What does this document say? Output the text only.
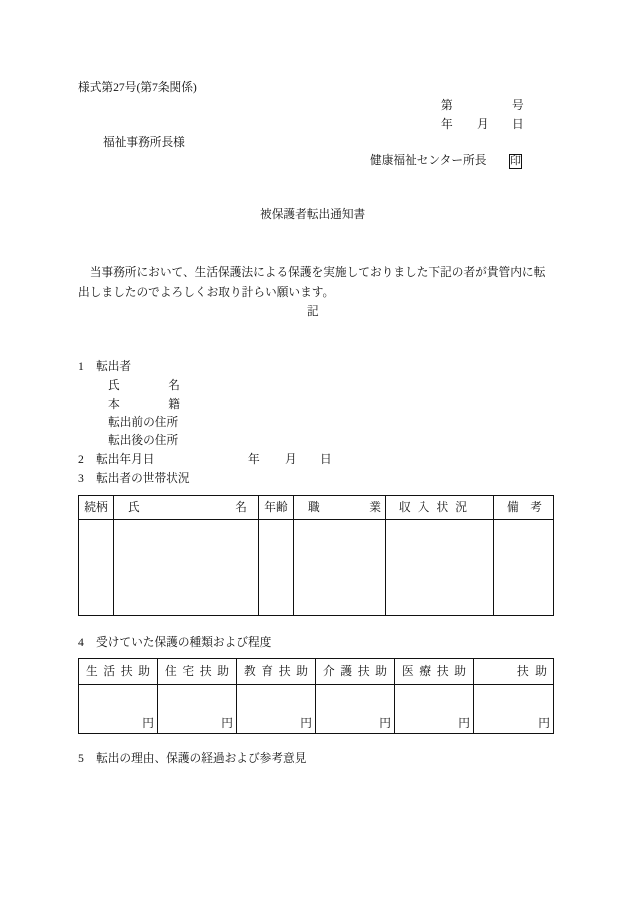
様式第27号(第7条関係)
第	号
年 月 日
福祉事務所長様
健康福祉センター所長 印
被保護者転出通知書
当事務所において、生活保護法による保護を実施しておりました下記の者が貴管内に転
出しましたのでよろしくお取り計らい願います。
記
1 転出者
氏名
本籍
転出前の住所
転出後の住所
2 転出年月日	年 月 日
3 転出者の世帯状況
続柄	氏名	年齢	職業	収入状況	備考

4 受けていた保護の種類および程度
生活扶助	住宅扶助	教育扶助	介護扶助	医療扶助	扶助
円	円	円	円	円	円
5 転出の理由、保護の経過および参考意見
